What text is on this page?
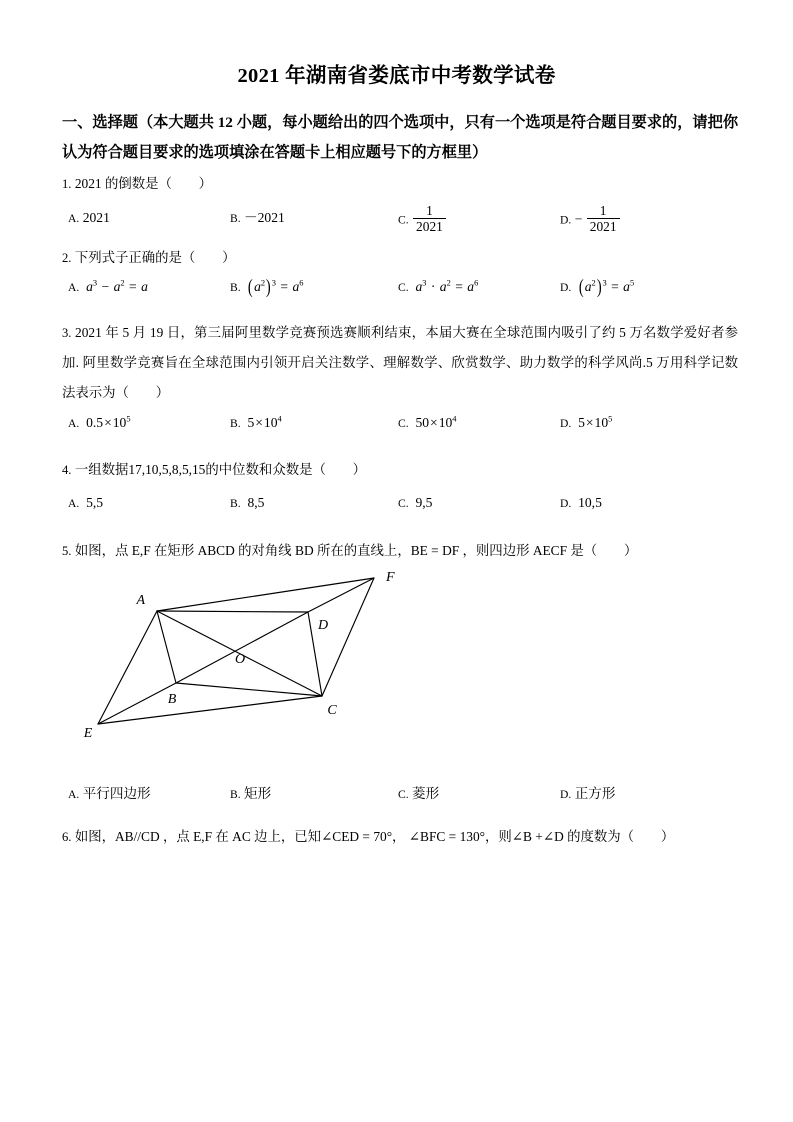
2021 年湖南省娄底市中考数学试卷
一、选择题（本大题共 12 小题，每小题给出的四个选项中，只有一个选项是符合题目要求的，请把你认为符合题目要求的选项填涂在答题卡上相应题号下的方框里）
1. 2021 的倒数是（　　）
A. 2021	B. －2021	C. $\frac{1}{2021}$	D. − $\frac{1}{2021}$
2. 下列式子正确的是（　　）
A. $a^3 - a^2 = a$	B. $(a^2)^3 = a^6$	C. $a^3 \cdot a^2 = a^6$	D. $(a^2)^3 = a^5$
3. 2021 年 5 月 19 日，第三届阿里数学竞赛预选赛顺利结束，本届大赛在全球范围内吸引了约 5 万名数学爱好者参加. 阿里数学竞赛旨在全球范围内引领开启关注数学、理解数学、欣赏数学、助力数学的科学风尚.5 万用科学记数法表示为（　　）
A. $0.5\times 10^5$	B. $5\times 10^4$	C. $50\times 10^4$	D. $5\times 10^5$
4. 一组数据17,10,5,8,5,15的中位数和众数是（　　）
A. 5,5	B. 8,5	C. 9,5	D. 10,5
5. 如图，点 E,F 在矩形 ABCD 的对角线 BD 所在的直线上，BE = DF ，则四边形 AECF 是（　　）
A
B
C
D
E
F
O
A. 平行四边形	B. 矩形	C. 菱形	D. 正方形
6. 如图，AB//CD ，点 E,F 在 AC 边上，已知∠CED = 70°， ∠BFC = 130°，则∠B +∠D 的度数为（　　）
